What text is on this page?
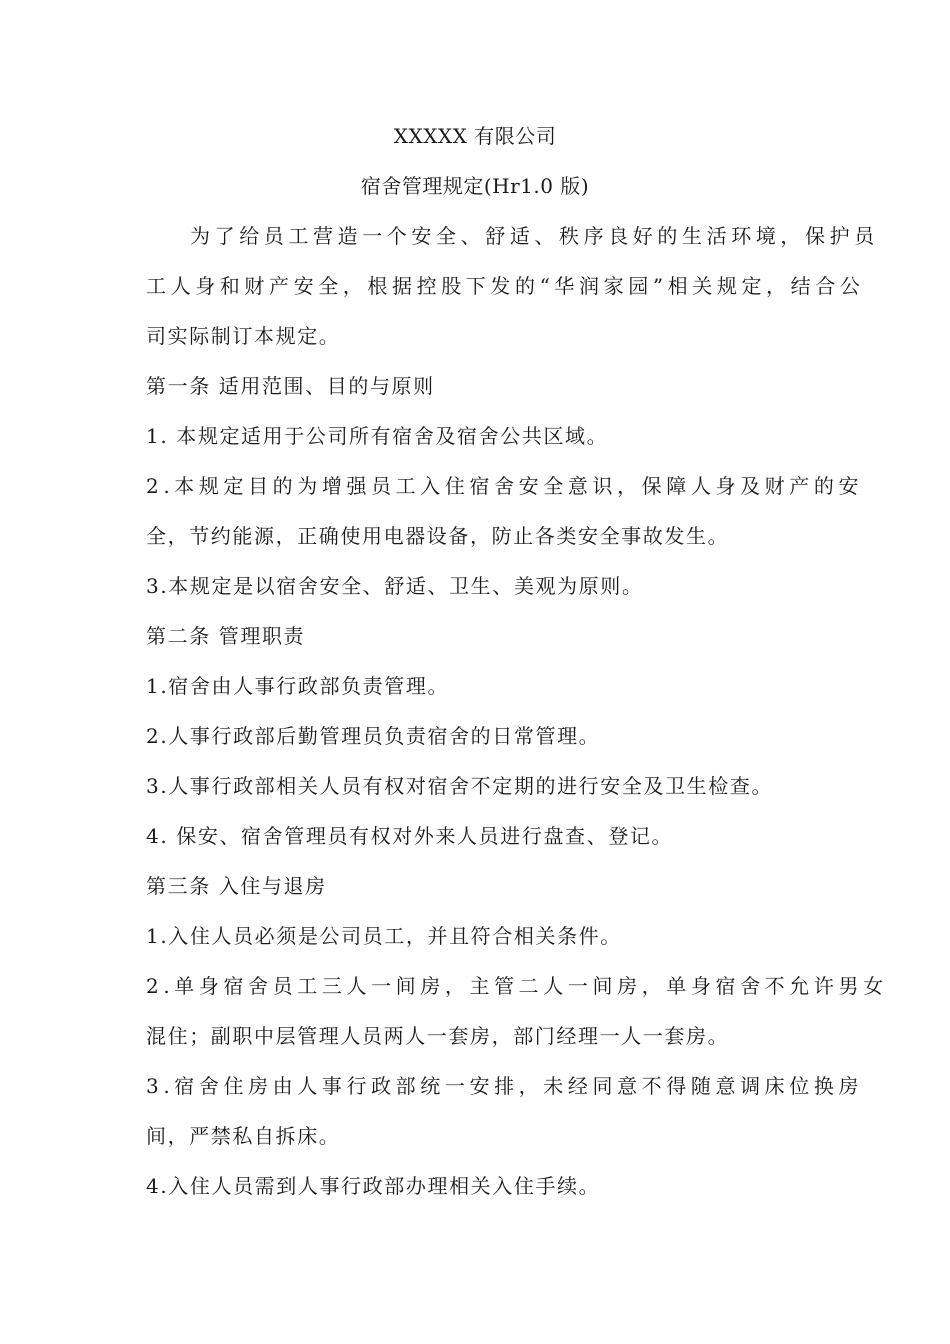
XXXXX 有限公司
宿舍管理规定(Hr1.0 版)
为了给员工营造一个安全、舒适、秩序良好的生活环境，保护员
工人身和财产安全，根据控股下发的“华润家园”相关规定，结合公
司实际制订本规定。
第一条 适用范围、目的与原则
1. 本规定适用于公司所有宿舍及宿舍公共区域。
2.本规定目的为增强员工入住宿舍安全意识，保障人身及财产的安
全，节约能源，正确使用电器设备，防止各类安全事故发生。
3.本规定是以宿舍安全、舒适、卫生、美观为原则。
第二条 管理职责
1.宿舍由人事行政部负责管理。
2.人事行政部后勤管理员负责宿舍的日常管理。
3.人事行政部相关人员有权对宿舍不定期的进行安全及卫生检查。
4. 保安、宿舍管理员有权对外来人员进行盘查、登记。
第三条 入住与退房
1.入住人员必须是公司员工，并且符合相关条件。
2.单身宿舍员工三人一间房，主管二人一间房，单身宿舍不允许男女
混住；副职中层管理人员两人一套房，部门经理一人一套房。
3.宿舍住房由人事行政部统一安排，未经同意不得随意调床位换房
间，严禁私自拆床。
4.入住人员需到人事行政部办理相关入住手续。
